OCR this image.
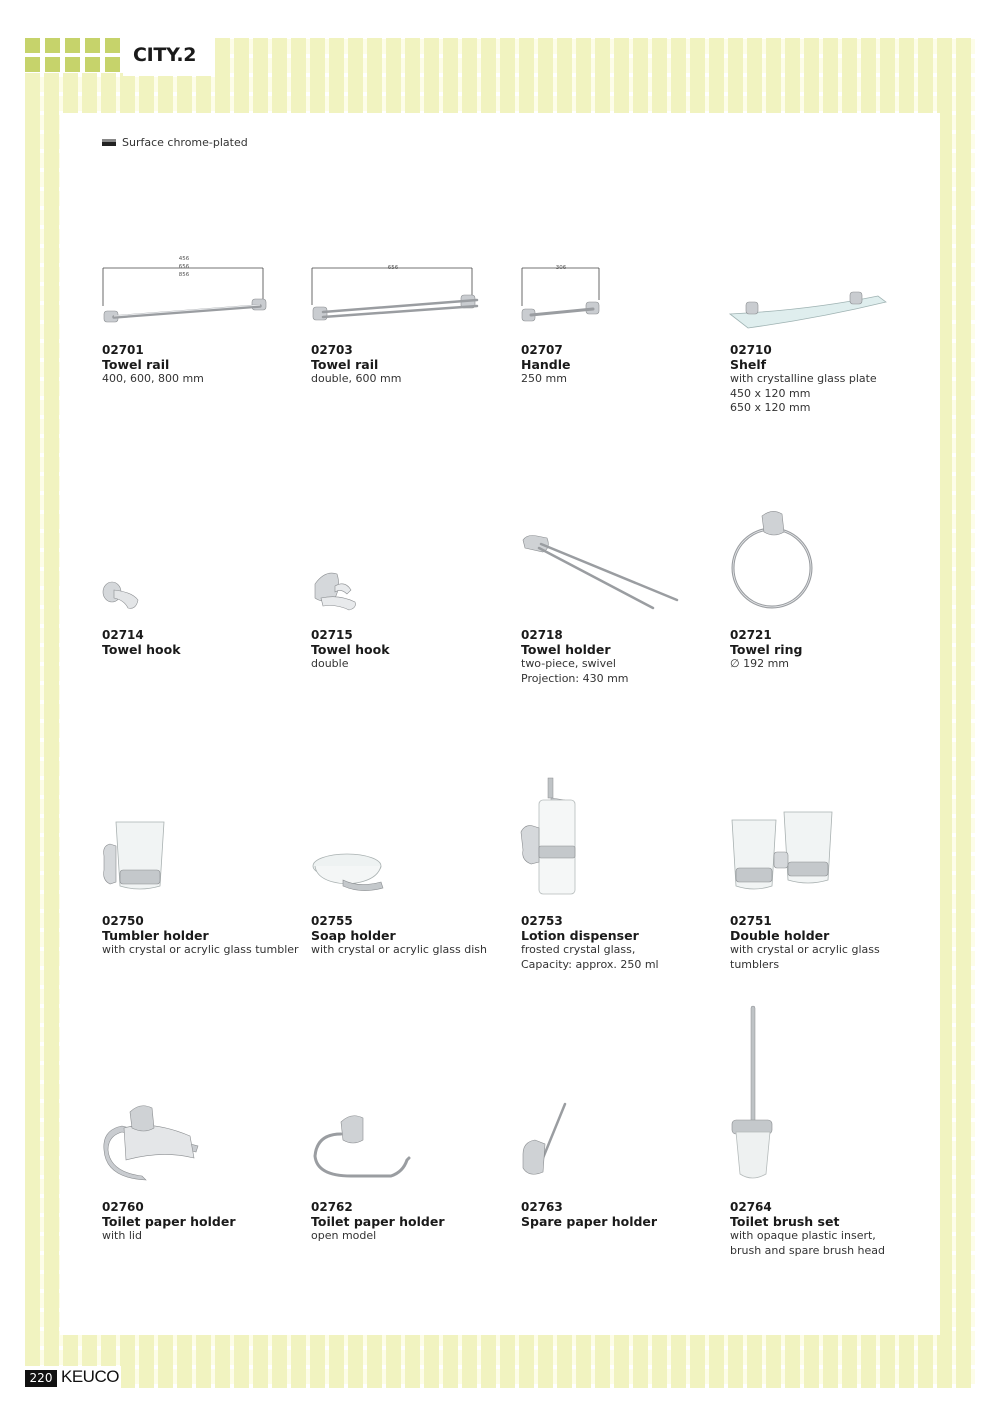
CITY.2
Surface chrome-plated
456
656
856
02701
Towel rail
400, 600, 800 mm
656
02703
Towel rail
double, 600 mm
306
02707
Handle
250 mm
02710
Shelf
with crystalline glass plate
450 x 120 mm
650 x 120 mm
02714
Towel hook
02715
Towel hook
double
02718
Towel holder
two-piece, swivel
Projection: 430 mm
02721
Towel ring
∅ 192 mm
02750
Tumbler holder
with crystal or acrylic glass tumbler
02755
Soap holder
with crystal or acrylic glass dish
02753
Lotion dispenser
frosted crystal glass,
Capacity: approx. 250 ml
02751
Double holder
with crystal or acrylic glass tumblers
02760
Toilet paper holder
with lid
02762
Toilet paper holder
open model
02763
Spare paper holder
02764
Toilet brush set
with opaque plastic insert,
brush and spare brush head
220 KEUCO
